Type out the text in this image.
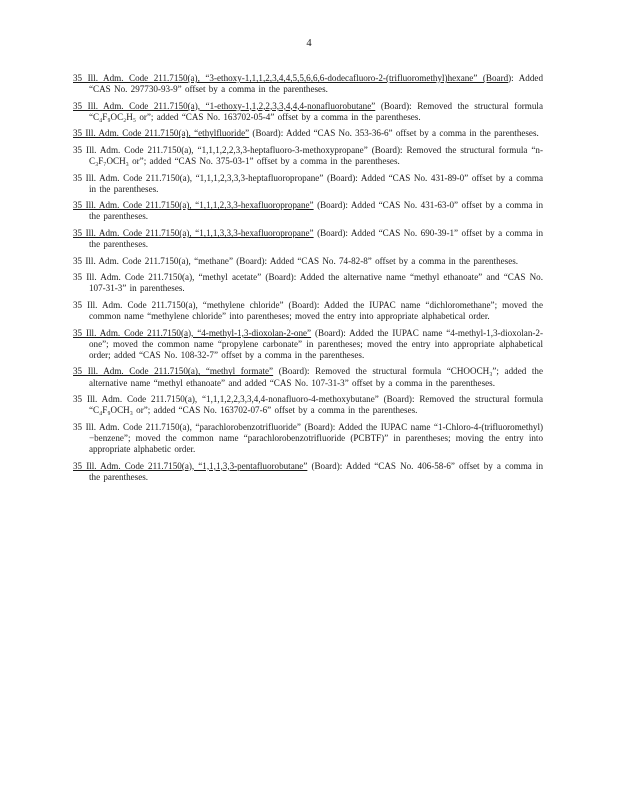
4
35 Ill. Adm. Code 211.7150(a), “3-ethoxy-1,1,1,2,3,4,4,5,5,6,6,6-dodecafluoro-2-(trifluoromethyl)hexane” (Board): Added “CAS No. 297730-93-9” offset by a comma in the parentheses.
35 Ill. Adm. Code 211.7150(a), “1-ethoxy-1,1,2,2,3,3,4,4,4-nonafluorobutane” (Board): Removed the structural formula “C₄F₉OC₂H₅ or”; added “CAS No. 163702-05-4” offset by a comma in the parentheses.
35 Ill. Adm. Code 211.7150(a), “ethylfluoride” (Board): Added “CAS No. 353-36-6” offset by a comma in the parentheses.
35 Ill. Adm. Code 211.7150(a), “1,1,1,2,2,3,3-heptafluoro-3-methoxypropane” (Board): Removed the structural formula “n-C₃F₇OCH₃ or”; added “CAS No. 375-03-1” offset by a comma in the parentheses.
35 Ill. Adm. Code 211.7150(a), “1,1,1,2,3,3,3-heptafluoropropane” (Board): Added “CAS No. 431-89-0” offset by a comma in the parentheses.
35 Ill. Adm. Code 211.7150(a), “1,1,1,2,3,3-hexafluoropropane” (Board): Added “CAS No. 431-63-0” offset by a comma in the parentheses.
35 Ill. Adm. Code 211.7150(a), “1,1,1,3,3,3-hexafluoropropane” (Board): Added “CAS No. 690-39-1” offset by a comma in the parentheses.
35 Ill. Adm. Code 211.7150(a), “methane” (Board): Added “CAS No. 74-82-8” offset by a comma in the parentheses.
35 Ill. Adm. Code 211.7150(a), “methyl acetate” (Board): Added the alternative name “methyl ethanoate” and “CAS No. 107-31-3” in parentheses.
35 Ill. Adm. Code 211.7150(a), “methylene chloride” (Board): Added the IUPAC name “dichloromethane”; moved the common name “methylene chloride” into parentheses; moved the entry into appropriate alphabetical order.
35 Ill. Adm. Code 211.7150(a), “4-methyl-1,3-dioxolan-2-one” (Board): Added the IUPAC name “4-methyl-1,3-dioxolan-2-one”; moved the common name “propylene carbonate” in parentheses; moved the entry into appropriate alphabetical order; added “CAS No. 108-32-7” offset by a comma in the parentheses.
35 Ill. Adm. Code 211.7150(a), “methyl formate” (Board): Removed the structural formula “CHOOCH₃”; added the alternative name “methyl ethanoate” and added “CAS No. 107-31-3” offset by a comma in the parentheses.
35 Ill. Adm. Code 211.7150(a), “1,1,1,2,2,3,3,4,4-nonafluoro-4-methoxybutane” (Board): Removed the structural formula “C₄F₉OCH₃ or”; added “CAS No. 163702-07-6” offset by a comma in the parentheses.
35 Ill. Adm. Code 211.7150(a), “parachlorobenzotrifluoride” (Board): Added the IUPAC name “1-Chloro-4-(trifluoromethyl)−benzene”; moved the common name “parachlorobenzotrifluoride (PCBTF)” in parentheses; moving the entry into appropriate alphabetic order.
35 Ill. Adm. Code 211.7150(a), “1,1,1,3,3-pentafluorobutane” (Board): Added “CAS No. 406-58-6” offset by a comma in the parentheses.
